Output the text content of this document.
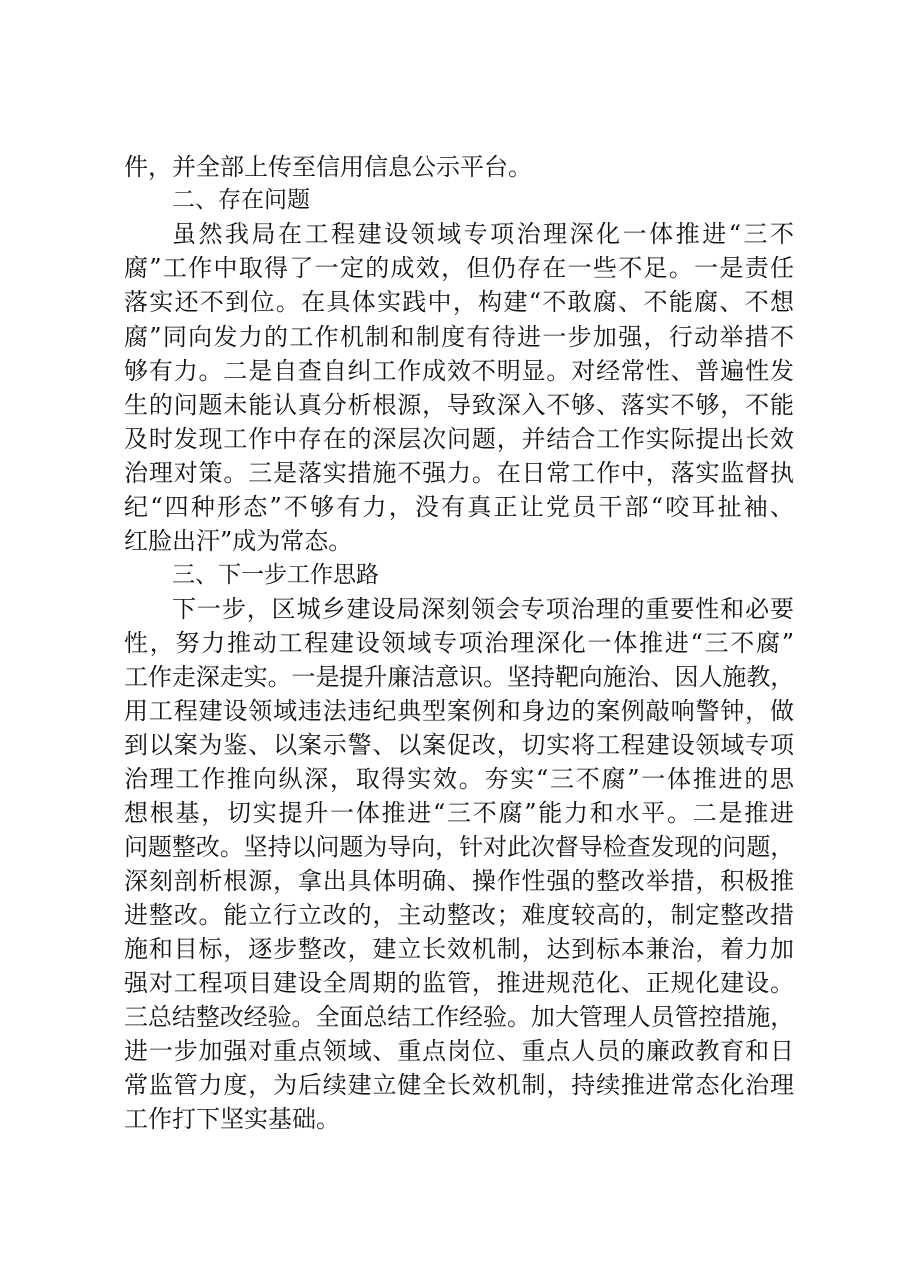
件，并全部上传至信用信息公示平台。
二、存在问题
虽然我局在工程建设领域专项治理深化一体推进“三不
腐”工作中取得了一定的成效，但仍存在一些不足。一是责任
落实还不到位。在具体实践中，构建“不敢腐、不能腐、不想
腐”同向发力的工作机制和制度有待进一步加强，行动举措不
够有力。二是自查自纠工作成效不明显。对经常性、普遍性发
生的问题未能认真分析根源，导致深入不够、落实不够，不能
及时发现工作中存在的深层次问题，并结合工作实际提出长效
治理对策。三是落实措施不强力。在日常工作中，落实监督执
纪“四种形态”不够有力，没有真正让党员干部“咬耳扯袖、
红脸出汗”成为常态。
三、下一步工作思路
下一步，区城乡建设局深刻领会专项治理的重要性和必要
性，努力推动工程建设领域专项治理深化一体推进“三不腐”
工作走深走实。一是提升廉洁意识。坚持靶向施治、因人施教，
用工程建设领域违法违纪典型案例和身边的案例敲响警钟，做
到以案为鉴、以案示警、以案促改，切实将工程建设领域专项
治理工作推向纵深，取得实效。夯实“三不腐”一体推进的思
想根基，切实提升一体推进“三不腐”能力和水平。二是推进
问题整改。坚持以问题为导向，针对此次督导检查发现的问题，
深刻剖析根源，拿出具体明确、操作性强的整改举措，积极推
进整改。能立行立改的，主动整改；难度较高的，制定整改措
施和目标，逐步整改，建立长效机制，达到标本兼治，着力加
强对工程项目建设全周期的监管，推进规范化、正规化建设。
三总结整改经验。全面总结工作经验。加大管理人员管控措施，
进一步加强对重点领域、重点岗位、重点人员的廉政教育和日
常监管力度，为后续建立健全长效机制，持续推进常态化治理
工作打下坚实基础。
